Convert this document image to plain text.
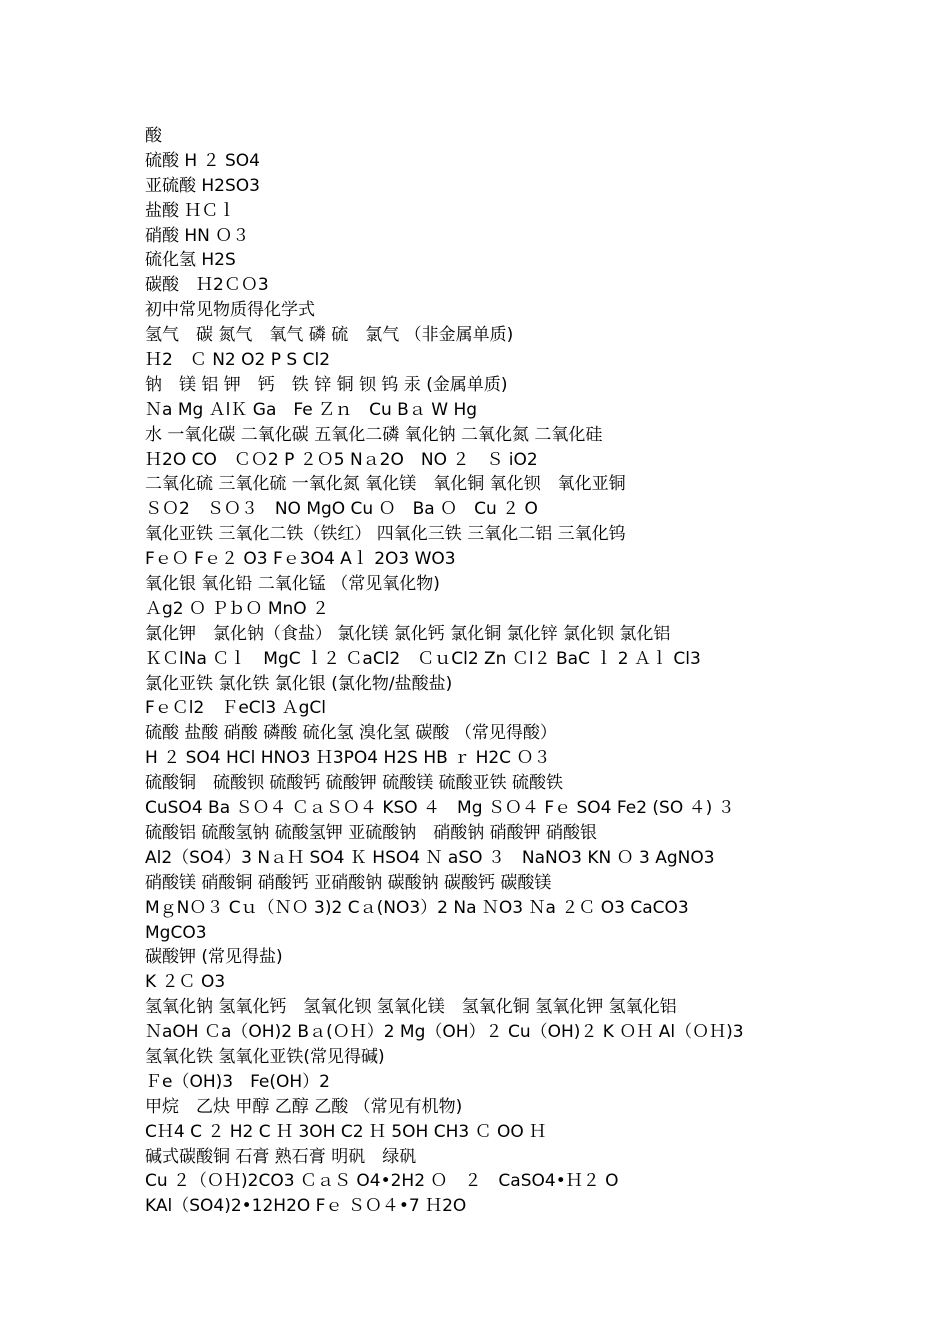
酸
硫酸 H ２ SO4
亚硫酸 H2SO3
盐酸 ＨＣｌ
硝酸 HN Ｏ３
硫化氢 H2S
碳酸　Ｈ2ＣＯ3
初中常见物质得化学式
氢气　碳 氮气　氧气 磷 硫　氯气 （非金属单质)
Ｈ2　Ｃ N2 O2 P S Cl2
钠　镁 铝 钾　钙　铁 锌 铜 钡 钨 汞 (金属单质)
Ｎa Mg ＡlＫ Ga　Fe Ｚｎ　Cu Bａ W Hg
水 一氧化碳 二氧化碳 五氧化二磷 氧化钠 二氧化氮 二氧化硅
Ｈ2O CO　ＣＯ2 P ２Ｏ5 Nａ2O　NO ２　Ｓ iO2
二氧化硫 三氧化硫 一氧化氮 氧化镁　氧化铜 氧化钡　氧化亚铜
ＳＯ2　ＳＯ３　NO MgO Cu Ｏ　Ba Ｏ　Cu ２ O
氧化亚铁 三氧化二铁（铁红） 四氧化三铁 三氧化二铝 三氧化钨
FｅＯ Fｅ２ O3 Fｅ3O4 Aｌ 2O3 WO3
氧化银 氧化铅 二氧化锰 （常见氧化物)
Ａg2 Ｏ ＰｂＯ MnO ２
氯化钾　氯化钠（食盐） 氯化镁 氯化钙 氯化铜 氯化锌 氯化钡 氯化铝
ＫＣlNa Ｃｌ　MgC ｌ２ ＣaCl2　ＣｕCl2 Zn Ｃl２ BaC ｌ 2 Ａｌ Cl3
氯化亚铁 氯化铁 氯化银 (氯化物/盐酸盐)
FｅＣl2　ＦeCl3 ＡgCl
硫酸 盐酸 硝酸 磷酸 硫化氢 溴化氢 碳酸 （常见得酸）
H ２ SO4 HCl HNO3 Ｈ3PO4 H2S HB ｒ H2C Ｏ３
硫酸铜　硫酸钡 硫酸钙 硫酸钾 硫酸镁 硫酸亚铁 硫酸铁
CuSO4 Ba ＳＯ４ ＣａＳＯ４ KSO ４　Mg ＳＯ４ Fｅ SO4 Fe2 (SO ４) ３
硫酸铝 硫酸氢钠 硫酸氢钾 亚硫酸钠　硝酸钠 硝酸钾 硝酸银
Al2（SO4）3 NａＨ SO4 Ｋ HSO4 Ｎ aSO ３　NaNO3 KN Ｏ 3 AgNO3
硝酸镁 硝酸铜 硝酸钙 亚硝酸钠 碳酸钠 碳酸钙 碳酸镁
MｇNＯ３ Cｕ（ＮＯ 3)2 Cａ(NO3）2 Na ＮO3 Ｎa ２Ｃ O3 CaCO3
MgCO3
碳酸钾 (常见得盐)
K ２Ｃ O3
氢氧化钠 氢氧化钙　氢氧化钡 氢氧化镁　氢氧化铜 氢氧化钾 氢氧化铝
ＮaOH Ｃa（OH)2 Bａ(ＯＨ）2 Mg（OH）２ Cu（OH)２ K ＯＨ Al（ＯＨ)3
氢氧化铁 氢氧化亚铁(常见得碱)
Ｆe（OH)3　Fe(OH）2
甲烷　乙炔 甲醇 乙醇 乙酸 （常见有机物)
CＨ4 C ２ H2 C Ｈ 3OH C2 Ｈ 5OH CH3 Ｃ OO Ｈ
碱式碳酸铜 石膏 熟石膏 明矾　绿矾
Cu ２（ＯＨ)2CO3 ＣａＳ O4•2H2 Ｏ　２　CaSO4•Ｈ２ O
KAl（SO4)2•12H2O Fｅ ＳＯ４•7 Ｈ2O
